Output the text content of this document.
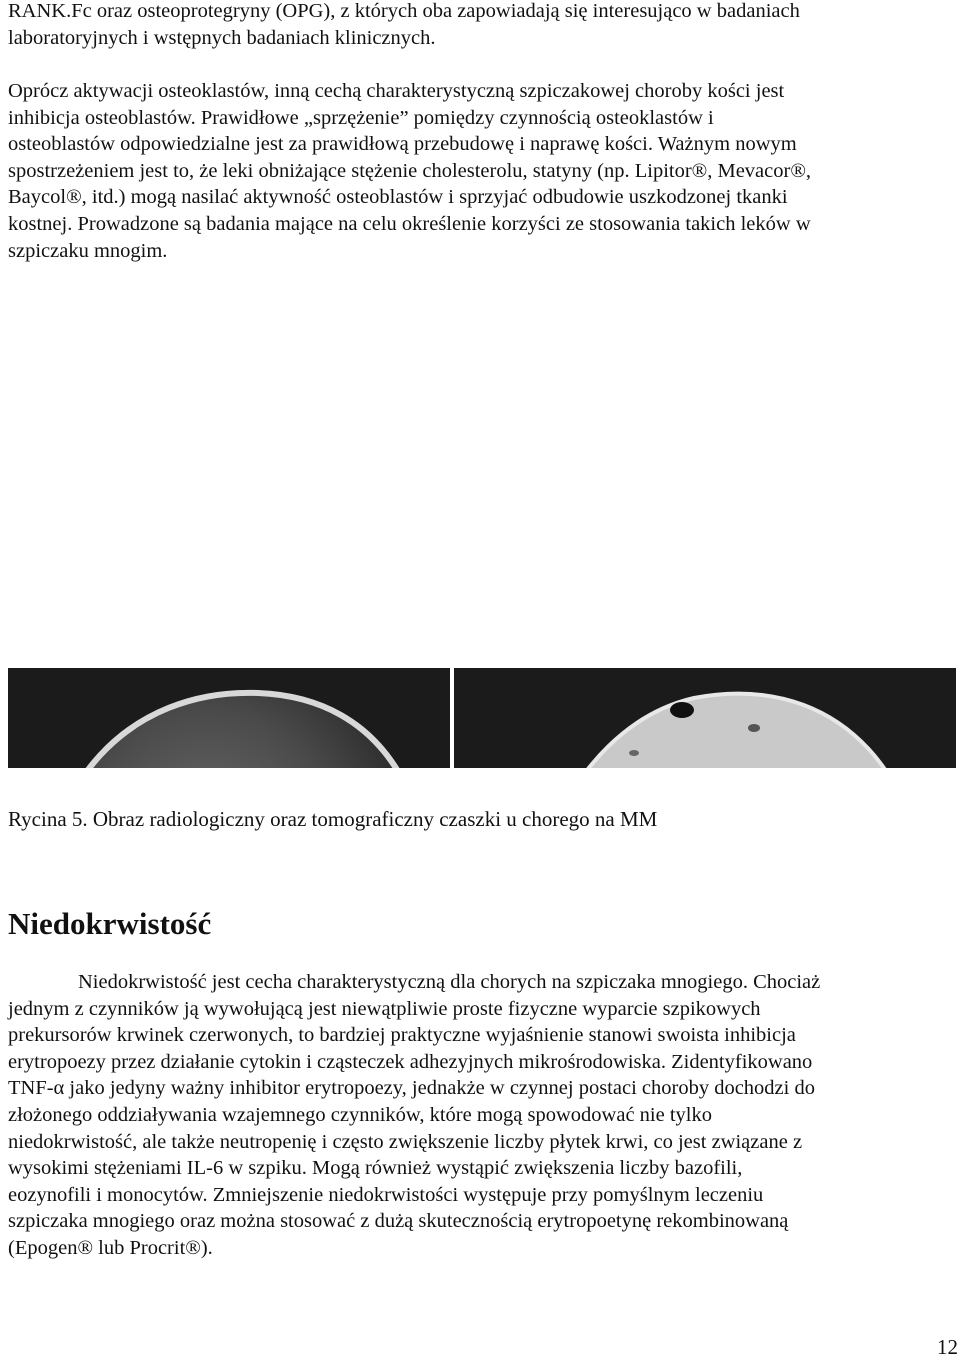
RANK.Fc oraz osteoprotegryny (OPG), z których oba zapowiadają się interesująco w badaniach
laboratoryjnych i wstępnych badaniach klinicznych.
Oprócz aktywacji osteoklastów, inną cechą charakterystyczną szpiczakowej choroby kości jest
inhibicja osteoblastów. Prawidłowe „sprzężenie” pomiędzy czynnością osteoklastów i
osteoblastów odpowiedzialne jest za prawidłową przebudowę i naprawę kości. Ważnym nowym
spostrzeżeniem jest to, że leki obniżające stężenie cholesterolu, statyny (np. Lipitor®, Mevacor®,
Baycol®, itd.) mogą nasilać aktywność osteoblastów i sprzyjać odbudowie uszkodzonej tkanki
kostnej. Prowadzone są badania mające na celu określenie korzyści ze stosowania takich leków w
szpiczaku mnogim.
Rycina 5. Obraz radiologiczny oraz tomograficzny czaszki u chorego na MM
Niedokrwistość
Niedokrwistość jest cecha charakterystyczną dla chorych na szpiczaka mnogiego. Chociaż
jednym z czynników ją wywołującą jest niewątpliwie proste fizyczne wyparcie szpikowych
prekursorów krwinek czerwonych, to bardziej praktyczne wyjaśnienie stanowi swoista inhibicja
erytropoezy przez działanie cytokin i cząsteczek adhezyjnych mikrośrodowiska. Zidentyfikowano
TNF-α jako jedyny ważny inhibitor erytropoezy, jednakże w czynnej postaci choroby dochodzi do
złożonego oddziaływania wzajemnego czynników, które mogą spowodować nie tylko
niedokrwistość, ale także neutropenię i często zwiększenie liczby płytek krwi, co jest związane z
wysokimi stężeniami IL-6 w szpiku. Mogą również wystąpić zwiększenia liczby bazofili,
eozynofili i monocytów. Zmniejszenie niedokrwistości występuje przy pomyślnym leczeniu
szpiczaka mnogiego oraz można stosować z dużą skutecznością erytropoetynę rekombinowaną
(Epogen® lub Procrit®).
12
